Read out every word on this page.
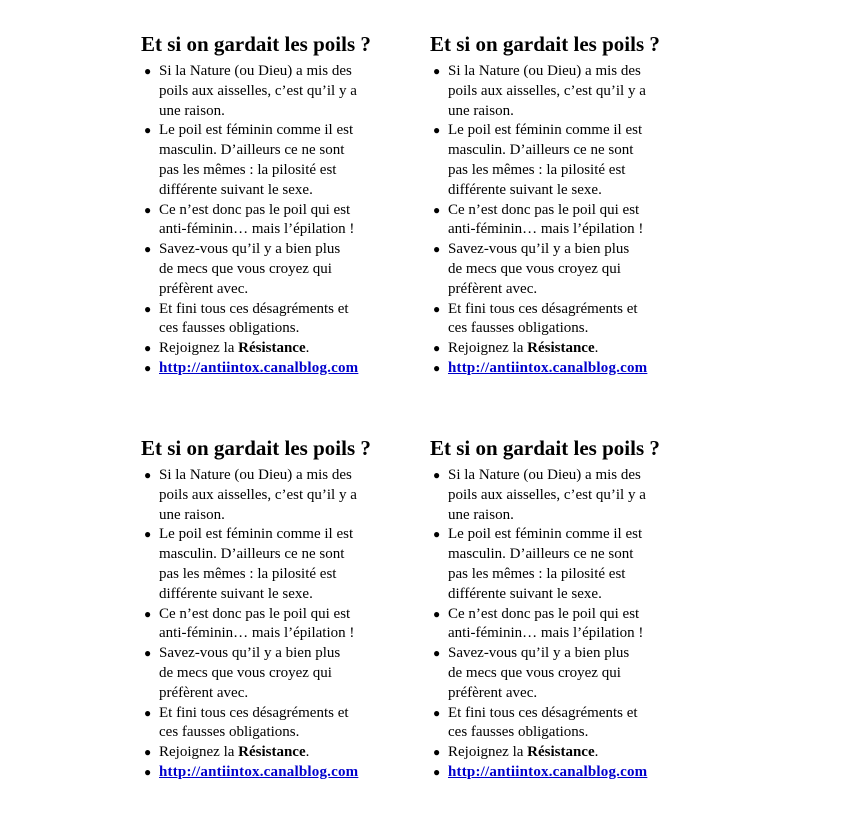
Et si on gardait les poils ?
● Si la Nature (ou Dieu) a mis des
poils aux aisselles, c’est qu’il y a
une raison.
● Le poil est féminin comme il est
masculin. D’ailleurs ce ne sont
pas les mêmes : la pilosité est
différente suivant le sexe.
● Ce n’est donc pas le poil qui est
anti-féminin… mais l’épilation !
● Savez-vous qu’il y a bien plus
de mecs que vous croyez qui
préfèrent avec.
● Et fini tous ces désagréments et
ces fausses obligations.
● Rejoignez la Résistance.
● http://antiintox.canalblog.com
Et si on gardait les poils ?
● Si la Nature (ou Dieu) a mis des
poils aux aisselles, c’est qu’il y a
une raison.
● Le poil est féminin comme il est
masculin. D’ailleurs ce ne sont
pas les mêmes : la pilosité est
différente suivant le sexe.
● Ce n’est donc pas le poil qui est
anti-féminin… mais l’épilation !
● Savez-vous qu’il y a bien plus
de mecs que vous croyez qui
préfèrent avec.
● Et fini tous ces désagréments et
ces fausses obligations.
● Rejoignez la Résistance.
● http://antiintox.canalblog.com
Et si on gardait les poils ?
● Si la Nature (ou Dieu) a mis des
poils aux aisselles, c’est qu’il y a
une raison.
● Le poil est féminin comme il est
masculin. D’ailleurs ce ne sont
pas les mêmes : la pilosité est
différente suivant le sexe.
● Ce n’est donc pas le poil qui est
anti-féminin… mais l’épilation !
● Savez-vous qu’il y a bien plus
de mecs que vous croyez qui
préfèrent avec.
● Et fini tous ces désagréments et
ces fausses obligations.
● Rejoignez la Résistance.
● http://antiintox.canalblog.com
Et si on gardait les poils ?
● Si la Nature (ou Dieu) a mis des
poils aux aisselles, c’est qu’il y a
une raison.
● Le poil est féminin comme il est
masculin. D’ailleurs ce ne sont
pas les mêmes : la pilosité est
différente suivant le sexe.
● Ce n’est donc pas le poil qui est
anti-féminin… mais l’épilation !
● Savez-vous qu’il y a bien plus
de mecs que vous croyez qui
préfèrent avec.
● Et fini tous ces désagréments et
ces fausses obligations.
● Rejoignez la Résistance.
● http://antiintox.canalblog.com
